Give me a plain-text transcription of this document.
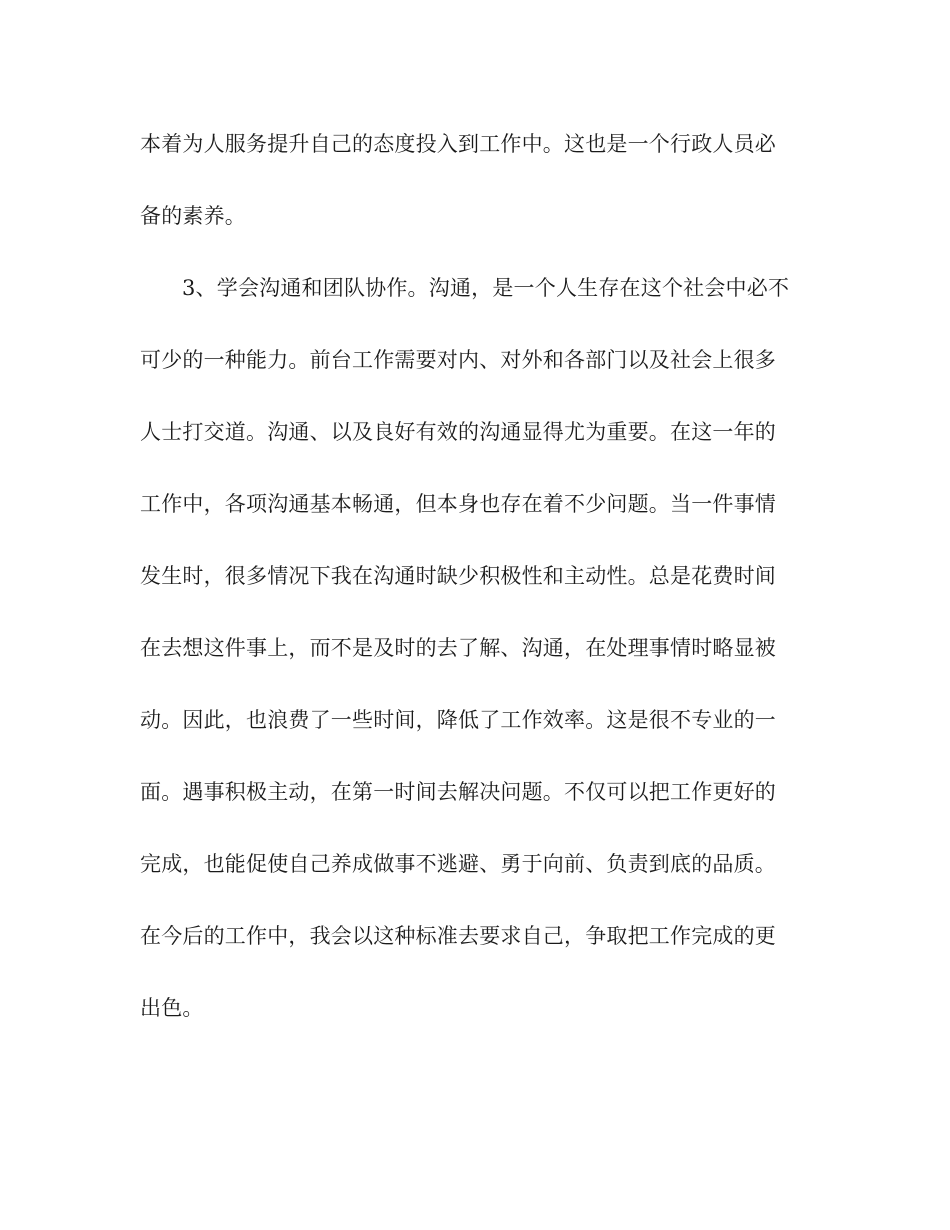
本着为人服务提升自己的态度投入到工作中。这也是一个行政人员必
备的素养。
3、学会沟通和团队协作。沟通，是一个人生存在这个社会中必不
可少的一种能力。前台工作需要对内、对外和各部门以及社会上很多
人士打交道。沟通、以及良好有效的沟通显得尤为重要。在这一年的
工作中，各项沟通基本畅通，但本身也存在着不少问题。当一件事情
发生时，很多情况下我在沟通时缺少积极性和主动性。总是花费时间
在去想这件事上，而不是及时的去了解、沟通，在处理事情时略显被
动。因此，也浪费了一些时间，降低了工作效率。这是很不专业的一
面。遇事积极主动，在第一时间去解决问题。不仅可以把工作更好的
完成，也能促使自己养成做事不逃避、勇于向前、负责到底的品质。
在今后的工作中，我会以这种标准去要求自己，争取把工作完成的更
出色。
